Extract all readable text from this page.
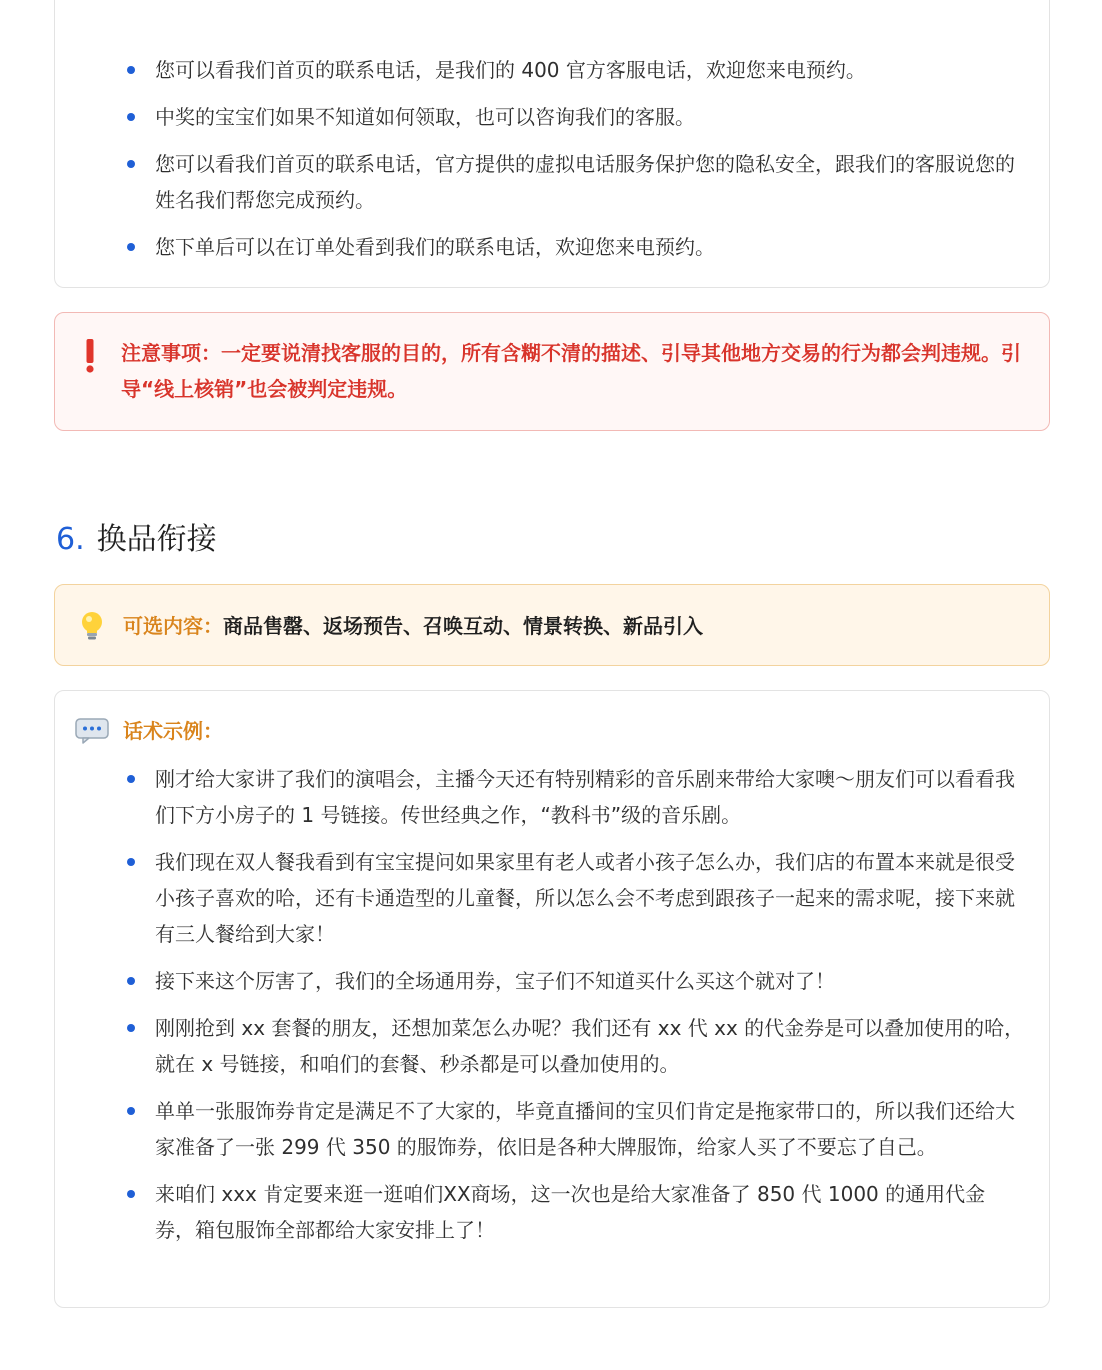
您可以看我们首页的联系电话，是我们的 400 官方客服电话，欢迎您来电预约。
中奖的宝宝们如果不知道如何领取，也可以咨询我们的客服。
您可以看我们首页的联系电话，官方提供的虚拟电话服务保护您的隐私安全，跟我们的客服说您的姓名我们帮您完成预约。
您下单后可以在订单处看到我们的联系电话，欢迎您来电预约。
注意事项：一定要说清找客服的目的，所有含糊不清的描述、引导其他地方交易的行为都会判违规。引导“线上核销”也会被判定违规。
6. 换品衔接
可选内容：商品售罄、返场预告、召唤互动、情景转换、新品引入
话术示例：
刚才给大家讲了我们的演唱会，主播今天还有特别精彩的音乐剧来带给大家噢～朋友们可以看看我们下方小房子的 1 号链接。传世经典之作，“教科书”级的音乐剧。
我们现在双人餐我看到有宝宝提问如果家里有老人或者小孩子怎么办，我们店的布置本来就是很受小孩子喜欢的哈，还有卡通造型的儿童餐，所以怎么会不考虑到跟孩子一起来的需求呢，接下来就有三人餐给到大家！
接下来这个厉害了，我们的全场通用券，宝子们不知道买什么买这个就对了！
刚刚抢到 xx 套餐的朋友，还想加菜怎么办呢？我们还有 xx 代 xx 的代金券是可以叠加使用的哈，就在 x 号链接，和咱们的套餐、秒杀都是可以叠加使用的。
单单一张服饰券肯定是满足不了大家的，毕竟直播间的宝贝们肯定是拖家带口的，所以我们还给大家准备了一张 299 代 350 的服饰券，依旧是各种大牌服饰，给家人买了不要忘了自己。
来咱们 xxx 肯定要来逛一逛咱们XX商场，这一次也是给大家准备了 850 代 1000 的通用代金券，箱包服饰全部都给大家安排上了！
